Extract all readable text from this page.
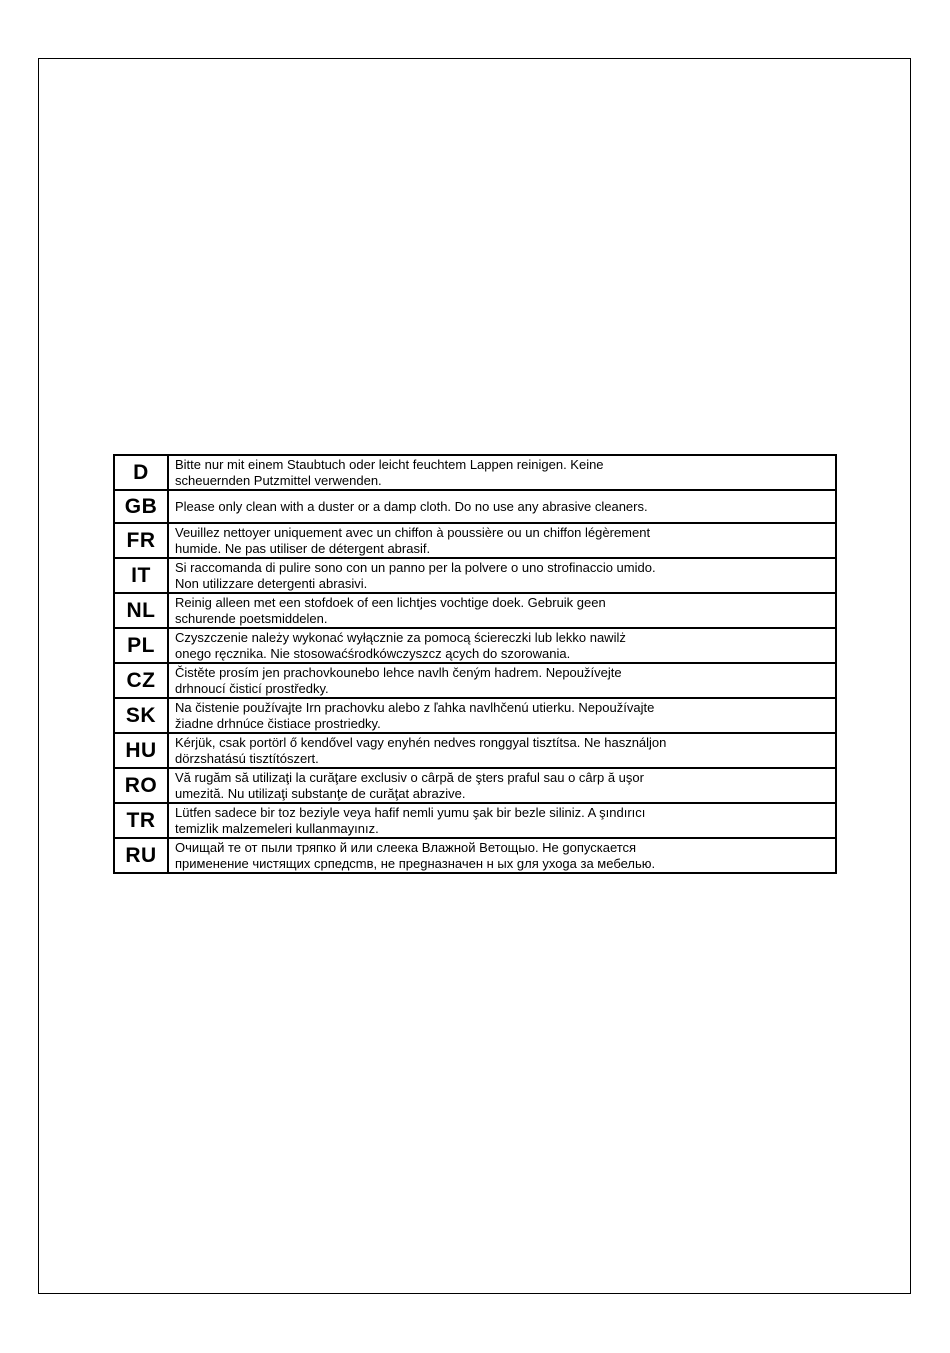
D	Bitte nur mit einem Staubtuch oder leicht feuchtem Lappen reinigen. Keine
scheuernden Putzmittel verwenden.
GB	Please only clean with a duster or a damp cloth. Do no use any abrasive cleaners.
FR	Veuillez nettoyer uniquement avec un chiffon à poussière ou un chiffon légèrement
humide. Ne pas utiliser de détergent abrasif.
IT	Si raccomanda di pulire sono con un panno per la polvere o uno strofinaccio umido.
Non utilizzare detergenti abrasivi.
NL	Reinig alleen met een stofdoek of een lichtjes vochtige doek. Gebruik geen
schurende poetsmiddelen.
PL	Czyszczenie należy wykonać wyłącznie za pomocą ściereczki lub lekko nawilż
onego ręcznika. Nie stosowaćśrodkówczyszcz ących do szorowania.
CZ	Čistěte prosím jen prachovkounebo lehce navlh čeným hadrem. Nepoužívejte
drhnoucí čisticí prostředky.
SK	Na čistenie používajte Irn prachovku alebo z ľahka navlhčenú utierku. Nepoužívajte
žiadne drhnúce čistiace prostriedky.
HU	Kérjük, csak portörl ő kendővel vagy enyhén nedves ronggyal tisztítsa. Ne használjon
dörzshatású tisztítószert.
RO	Vă rugăm să utilizaţi la curăţare exclusiv o cârpă de şters praful sau o cârp ă uşor
umezită. Nu utilizaţi substanţe de curăţat abrazive.
TR	Lütfen sadece bir toz beziyle veya hafif nemli yumu şak bir bezle siliniz. A şındırıcı
temizlik malzemeleri kullanmayınız.
RU	Очищай те от пыли тряпко й или слеека Влажной Ветощыо. Не gопускается
применение чистящих српедсmв, не преgназначен н ых gля ухоgа за мебелью.
